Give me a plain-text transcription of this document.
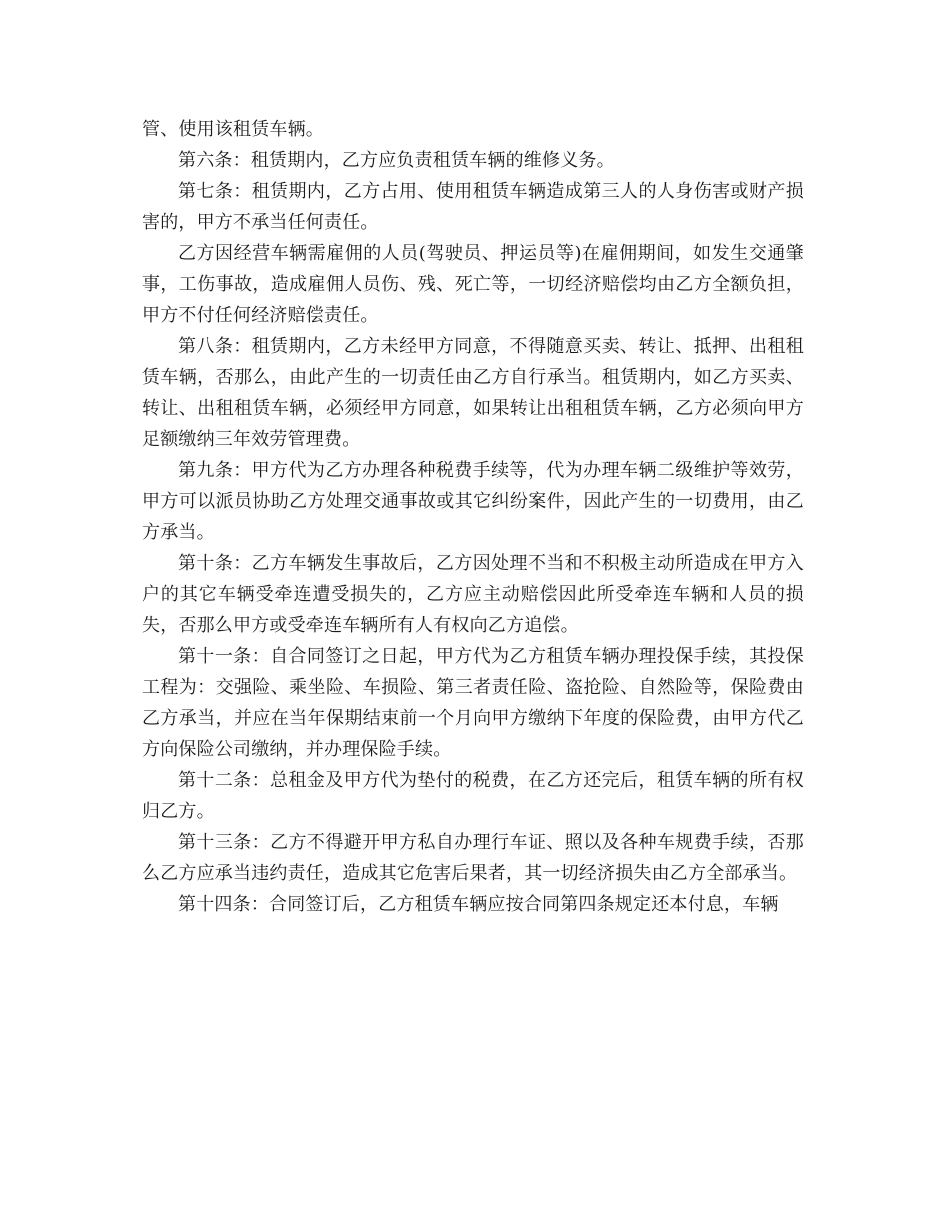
管、使用该租赁车辆。

第六条：租赁期内，乙方应负责租赁车辆的维修义务。

第七条：租赁期内，乙方占用、使用租赁车辆造成第三人的人身伤害或财产损害的，甲方不承当任何责任。

乙方因经营车辆需雇佣的人员(驾驶员、押运员等)在雇佣期间，如发生交通肇事，工伤事故，造成雇佣人员伤、残、死亡等，一切经济赔偿均由乙方全额负担，甲方不付任何经济赔偿责任。

第八条：租赁期内，乙方未经甲方同意，不得随意买卖、转让、抵押、出租租赁车辆，否那么，由此产生的一切责任由乙方自行承当。租赁期内，如乙方买卖、转让、出租租赁车辆，必须经甲方同意，如果转让出租租赁车辆，乙方必须向甲方足额缴纳三年效劳管理费。

第九条：甲方代为乙方办理各种税费手续等，代为办理车辆二级维护等效劳，甲方可以派员协助乙方处理交通事故或其它纠纷案件，因此产生的一切费用，由乙方承当。

第十条：乙方车辆发生事故后，乙方因处理不当和不积极主动所造成在甲方入户的其它车辆受牵连遭受损失的，乙方应主动赔偿因此所受牵连车辆和人员的损失，否那么甲方或受牵连车辆所有人有权向乙方追偿。

第十一条：自合同签订之日起，甲方代为乙方租赁车辆办理投保手续，其投保工程为：交强险、乘坐险、车损险、第三者责任险、盗抢险、自然险等，保险费由乙方承当，并应在当年保期结束前一个月向甲方缴纳下年度的保险费，由甲方代乙方向保险公司缴纳，并办理保险手续。

第十二条：总租金及甲方代为垫付的税费，在乙方还完后，租赁车辆的所有权归乙方。

第十三条：乙方不得避开甲方私自办理行车证、照以及各种车规费手续，否那么乙方应承当违约责任，造成其它危害后果者，其一切经济损失由乙方全部承当。

第十四条：合同签订后，乙方租赁车辆应按合同第四条规定还本付息，车辆
